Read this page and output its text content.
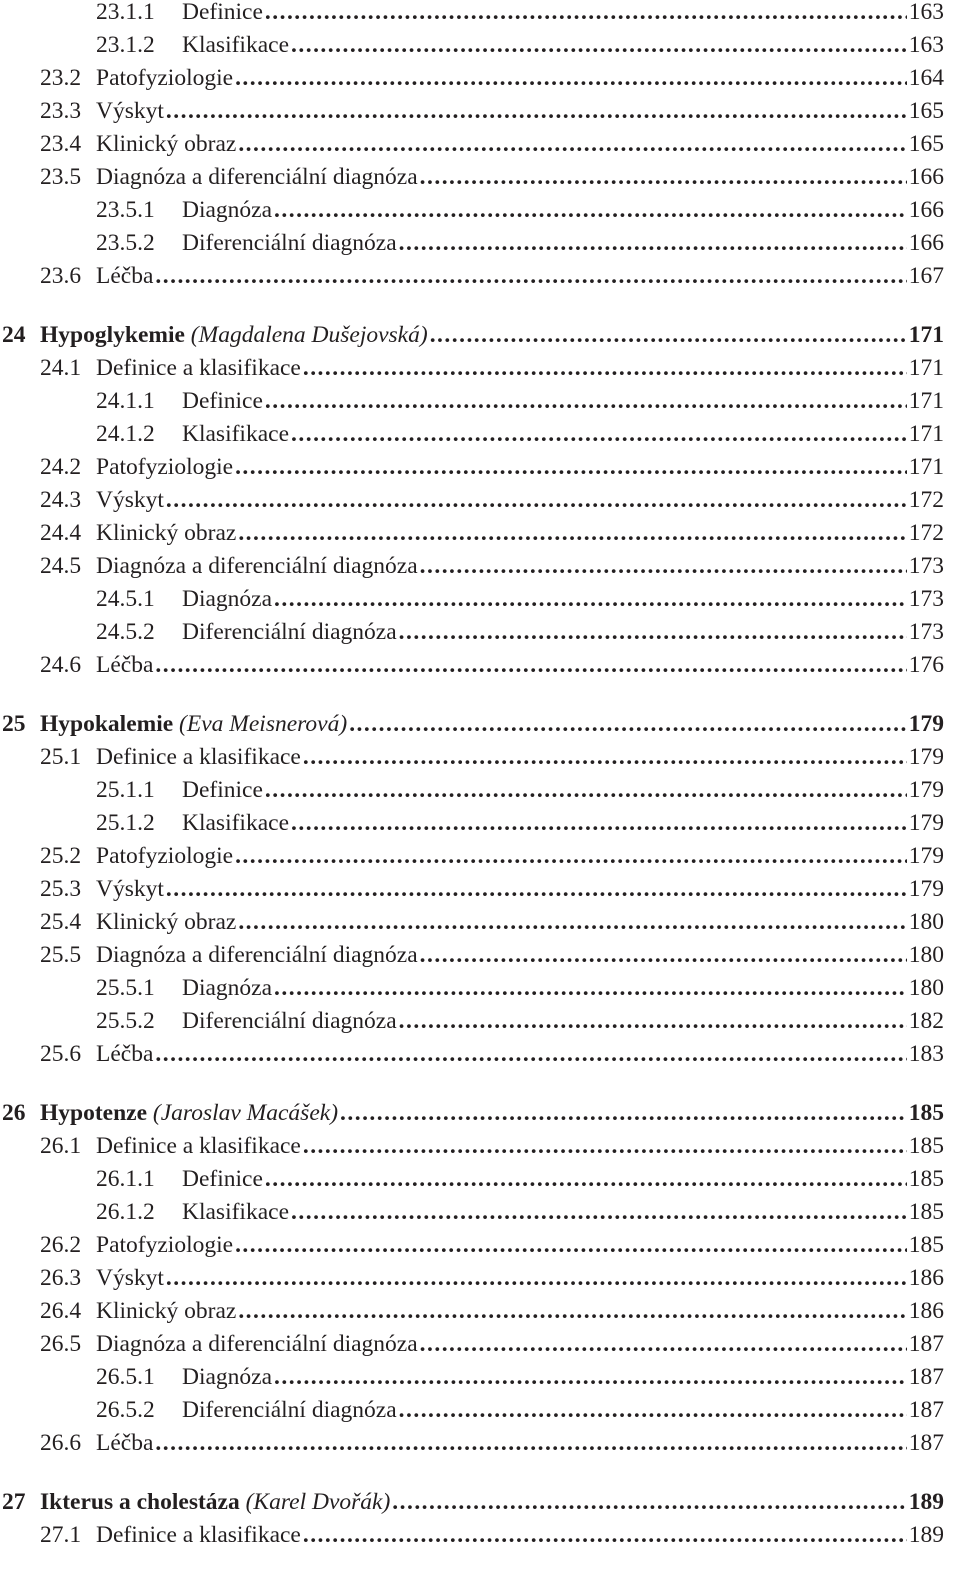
23.1.1	Definice . . .	163
23.1.2	Klasifikace . . .	163
23.2 Patofyziologie . . .	164
23.3 Výskyt . . .	165
23.4 Klinický obraz . . .	165
23.5 Diagnóza a diferenciální diagnóza . . .	166
23.5.1	Diagnóza . . .	166
23.5.2	Diferenciální diagnóza . . .	166
23.6 Léčba . . .	167
24 Hypoglykemie (Magdalena Dušejovská) . . .	171
24.1 Definice a klasifikace . . .	171
24.1.1	Definice . . .	171
24.1.2	Klasifikace . . .	171
24.2 Patofyziologie . . .	171
24.3 Výskyt . . .	172
24.4 Klinický obraz . . .	172
24.5 Diagnóza a diferenciální diagnóza . . .	173
24.5.1	Diagnóza . . .	173
24.5.2	Diferenciální diagnóza . . .	173
24.6 Léčba . . .	176
25 Hypokalemie (Eva Meisnerová) . . .	179
25.1 Definice a klasifikace . . .	179
25.1.1	Definice . . .	179
25.1.2	Klasifikace . . .	179
25.2 Patofyziologie . . .	179
25.3 Výskyt . . .	179
25.4 Klinický obraz . . .	180
25.5 Diagnóza a diferenciální diagnóza . . .	180
25.5.1	Diagnóza . . .	180
25.5.2	Diferenciální diagnóza . . .	182
25.6 Léčba . . .	183
26 Hypotenze (Jaroslav Macášek) . . .	185
26.1 Definice a klasifikace . . .	185
26.1.1	Definice . . .	185
26.1.2	Klasifikace . . .	185
26.2 Patofyziologie . . .	185
26.3 Výskyt . . .	186
26.4 Klinický obraz . . .	186
26.5 Diagnóza a diferenciální diagnóza . . .	187
26.5.1	Diagnóza . . .	187
26.5.2	Diferenciální diagnóza . . .	187
26.6 Léčba . . .	187
27 Ikterus a cholestáza (Karel Dvořák) . . .	189
27.1 Definice a klasifikace . . .	189
